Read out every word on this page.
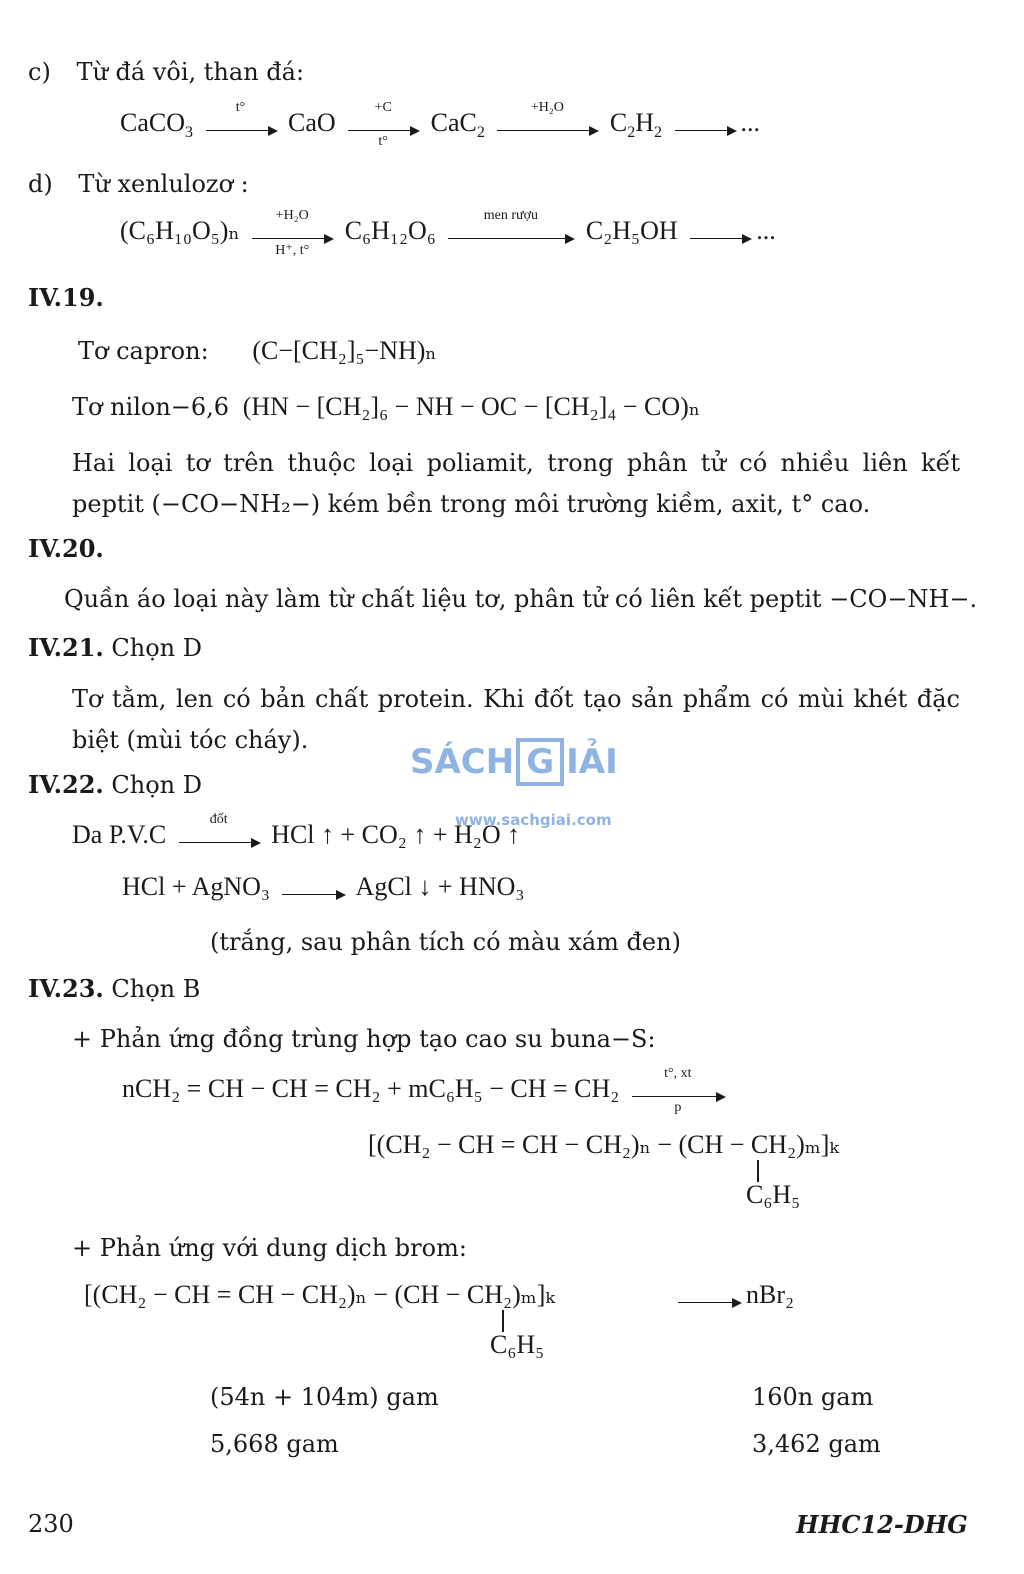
c) Từ đá vôi, than đá:
CaCO$_3$
t°
CaO
+C
t°
CaC$_2$
+H₂O
$C_2H_2$	...
d) Từ xenlulozơ :
(C₆H₁₀O₅)ₙ
+H₂O
H⁺, t°
C₆H₁₂O₆
men rượu
C₂H₅OH	...
IV.19.
Tơ capron: (C−[CH₂]₅−NH)ₙ
Tơ nilon−6,6 (HN − [CH₂]₆ − NH − OC − [CH₂]₄ − CO)ₙ
Hai loại tơ trên thuộc loại poliamit, trong phân tử có nhiều liên kết peptit (−CO−NH₂−) kém bền trong môi trường kiềm, axit, t° cao.
IV.20.
Quần áo loại này làm từ chất liệu tơ, phân tử có liên kết peptit −CO−NH−.
IV.21. Chọn D
Tơ tằm, len có bản chất protein. Khi đốt tạo sản phẩm có mùi khét đặc biệt (mùi tóc cháy).
SÁCH G IẢI
www.sachgiai.com
IV.22. Chọn D
Da P.V.C
đốt
HCl ↑ + CO₂ ↑ + H₂O ↑
HCl + AgNO₃	AgCl ↓ + HNO₃
(trắng, sau phân tích có màu xám đen)
IV.23. Chọn B
+ Phản ứng đồng trùng hợp tạo cao su buna−S:
nCH₂ = CH − CH = CH₂ + mC₆H₅ − CH = CH₂
t°, xt
p
[(CH₂ − CH = CH − CH₂)ₙ − (CH − CH₂)ₘ]ₖ
C₆H₅
+ Phản ứng với dung dịch brom:
[(CH₂ − CH = CH − CH₂)ₙ − (CH − CH₂)ₘ]ₖ
C₆H₅
nBr₂
(54n + 104m) gam	160n gam
5,668 gam	3,462 gam
230	HHC12-DHG
